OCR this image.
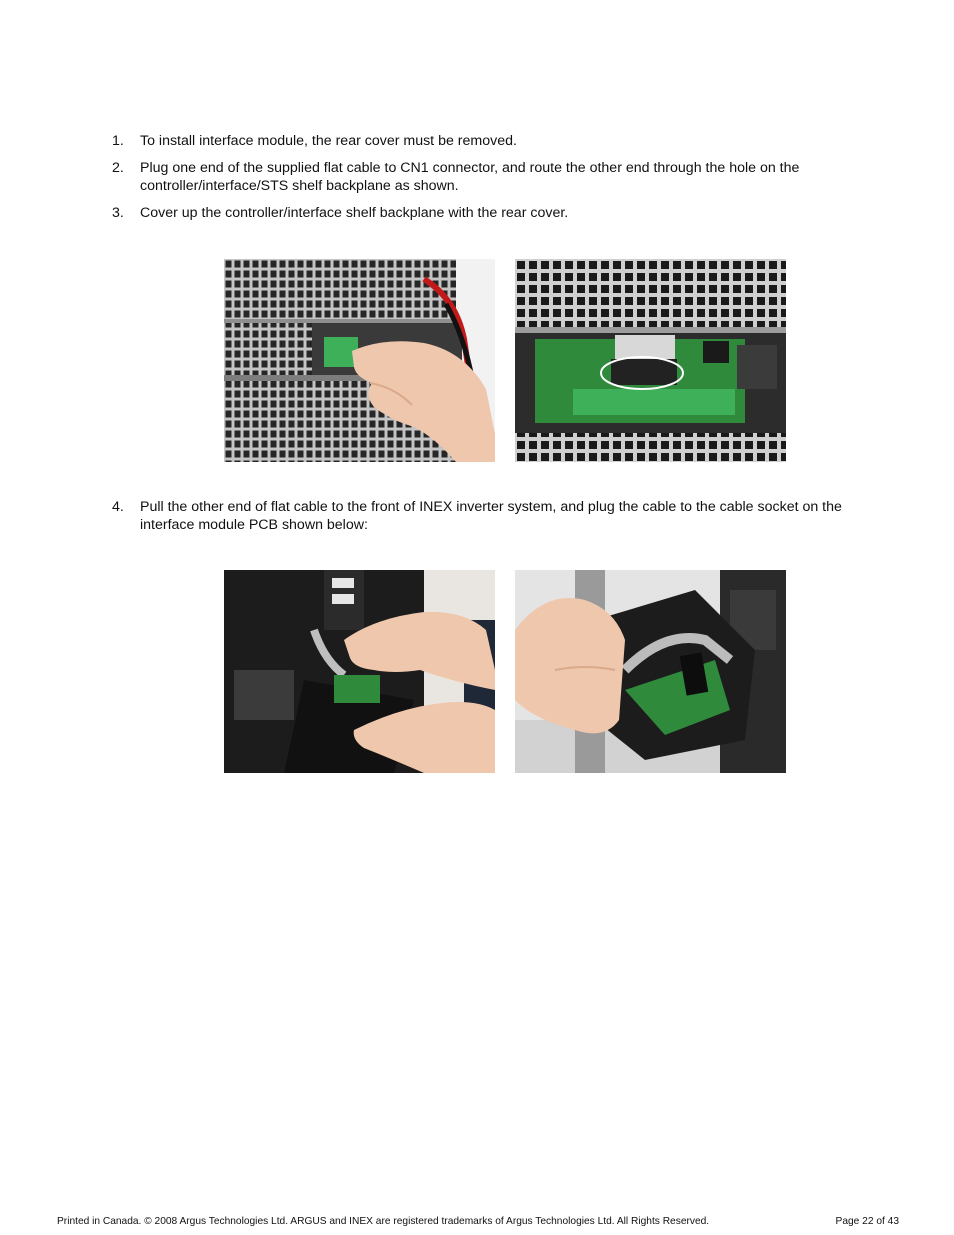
1. To install interface module, the rear cover must be removed.
2. Plug one end of the supplied flat cable to CN1 connector, and route the other end through the hole on the controller/interface/STS shelf backplane as shown.
3. Cover up the controller/interface shelf backplane with the rear cover.
4. Pull the other end of flat cable to the front of INEX inverter system, and plug the cable to the cable socket on the interface module PCB shown below:
Printed in Canada. © 2008 Argus Technologies Ltd. ARGUS and INEX are registered trademarks of Argus Technologies Ltd. All Rights Reserved.	Page 22 of 43
